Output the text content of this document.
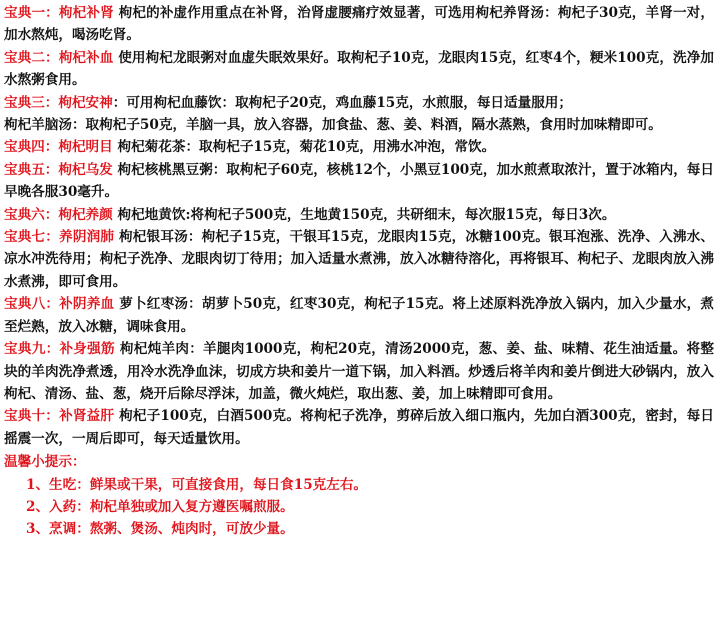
宝典一：枸杞补肾 枸杞的补虚作用重点在补肾，治肾虚腰痛疗效显著，可选用枸杞养肾汤：枸杞子30克，羊肾一对，加水熬炖，喝汤吃肾。

宝典二：枸杞补血 使用枸杞龙眼粥对血虚失眠效果好。取枸杞子10克，龙眼肉15克，红枣4个，粳米100克，洗净加水熬粥食用。

宝典三：枸杞安神：可用枸杞血藤饮：取枸杞子20克，鸡血藤15克，水煎服，每日适量服用；

枸杞羊脑汤：取枸杞子50克，羊脑一具，放入容器，加食盐、葱、姜、料酒，隔水蒸熟，食用时加味精即可。

宝典四：枸杞明目 枸杞菊花茶：取枸杞子15克，菊花10克，用沸水冲泡，常饮。

宝典五：枸杞乌发 枸杞核桃黑豆粥：取枸杞子60克，核桃12个，小黑豆100克，加水煎煮取浓汁，置于冰箱内，每日早晚各服30毫升。

宝典六：枸杞养颜 枸杞地黄饮:将枸杞子500克，生地黄150克，共研细末，每次服15克，每日3次。

宝典七：养阴润肺 枸杞银耳汤：枸杞子15克，干银耳15克，龙眼肉15克，冰糖100克。银耳泡涨、洗净、入沸水、凉水冲洗待用；枸杞子洗净、龙眼肉切丁待用；加入适量水煮沸，放入冰糖待溶化，再将银耳、枸杞子、龙眼肉放入沸水煮沸，即可食用。

宝典八：补阴养血 萝卜红枣汤：胡萝卜50克，红枣30克，枸杞子15克。将上述原料洗净放入锅内，加入少量水，煮至烂熟，放入冰糖，调味食用。

宝典九：补身强筋 枸杞炖羊肉：羊腿肉1000克，枸杞20克，清汤2000克，葱、姜、盐、味精、花生油适量。将整块的羊肉洗净煮透，用冷水洗净血沫，切成方块和姜片一道下锅，加入料酒。炒透后将羊肉和姜片倒进大砂锅内，放入枸杞、清汤、盐、葱，烧开后除尽浮沫，加盖，微火炖烂，取出葱、姜，加上味精即可食用。

宝典十：补肾益肝 枸杞子100克，白酒500克。将枸杞子洗净，剪碎后放入细口瓶内，先加白酒300克，密封，每日摇震一次，一周后即可，每天适量饮用。

温馨小提示：

1、生吃：鲜果或干果，可直接食用，每日食15克左右。

2、入药：枸杞单独或加入复方遵医嘱煎服。

3、烹调：熬粥、煲汤、炖肉时，可放少量。
